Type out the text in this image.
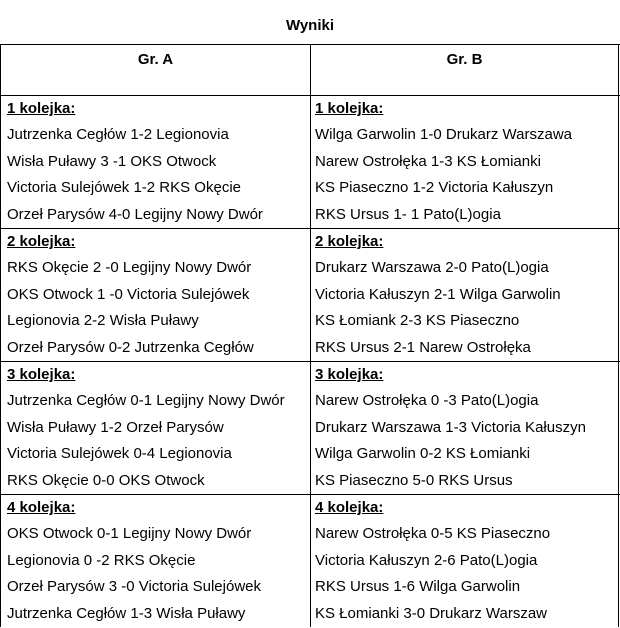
Wyniki
Gr. A	Gr. B
1 kolejka:
Jutrzenka Cegłów 1-2 Legionovia
Wisła Puławy 3 -1 OKS Otwock
Victoria Sulejówek 1-2 RKS Okęcie
Orzeł Parysów 4-0 Legijny Nowy Dwór
1 kolejka:
Wilga Garwolin 1-0 Drukarz Warszawa
Narew Ostrołęka 1-3 KS Łomianki
KS Piaseczno 1-2 Victoria Kałuszyn
RKS Ursus 1- 1 Pato(L)ogia
2 kolejka:
RKS Okęcie 2 -0 Legijny Nowy Dwór
OKS Otwock 1 -0 Victoria Sulejówek
Legionovia 2-2 Wisła Puławy
Orzeł Parysów 0-2 Jutrzenka Cegłów
2 kolejka:
Drukarz Warszawa 2-0 Pato(L)ogia
Victoria Kałuszyn 2-1 Wilga Garwolin
KS Łomiank 2-3 KS Piaseczno
RKS Ursus 2-1 Narew Ostrołęka
3 kolejka:
Jutrzenka Cegłów 0-1 Legijny Nowy Dwór
Wisła Puławy 1-2 Orzeł Parysów
Victoria Sulejówek 0-4 Legionovia
RKS Okęcie 0-0 OKS Otwock
3 kolejka:
Narew Ostrołęka 0 -3 Pato(L)ogia
Drukarz Warszawa 1-3 Victoria Kałuszyn
Wilga Garwolin 0-2 KS Łomianki
KS Piaseczno 5-0 RKS Ursus
4 kolejka:
OKS Otwock 0-1 Legijny Nowy Dwór
Legionovia 0 -2 RKS Okęcie
Orzeł Parysów 3 -0 Victoria Sulejówek
Jutrzenka Cegłów 1-3 Wisła Puławy
4 kolejka:
Narew Ostrołęka 0-5 KS Piaseczno
Victoria Kałuszyn 2-6 Pato(L)ogia
RKS Ursus 1-6 Wilga Garwolin
KS Łomianki 3-0 Drukarz Warszaw
